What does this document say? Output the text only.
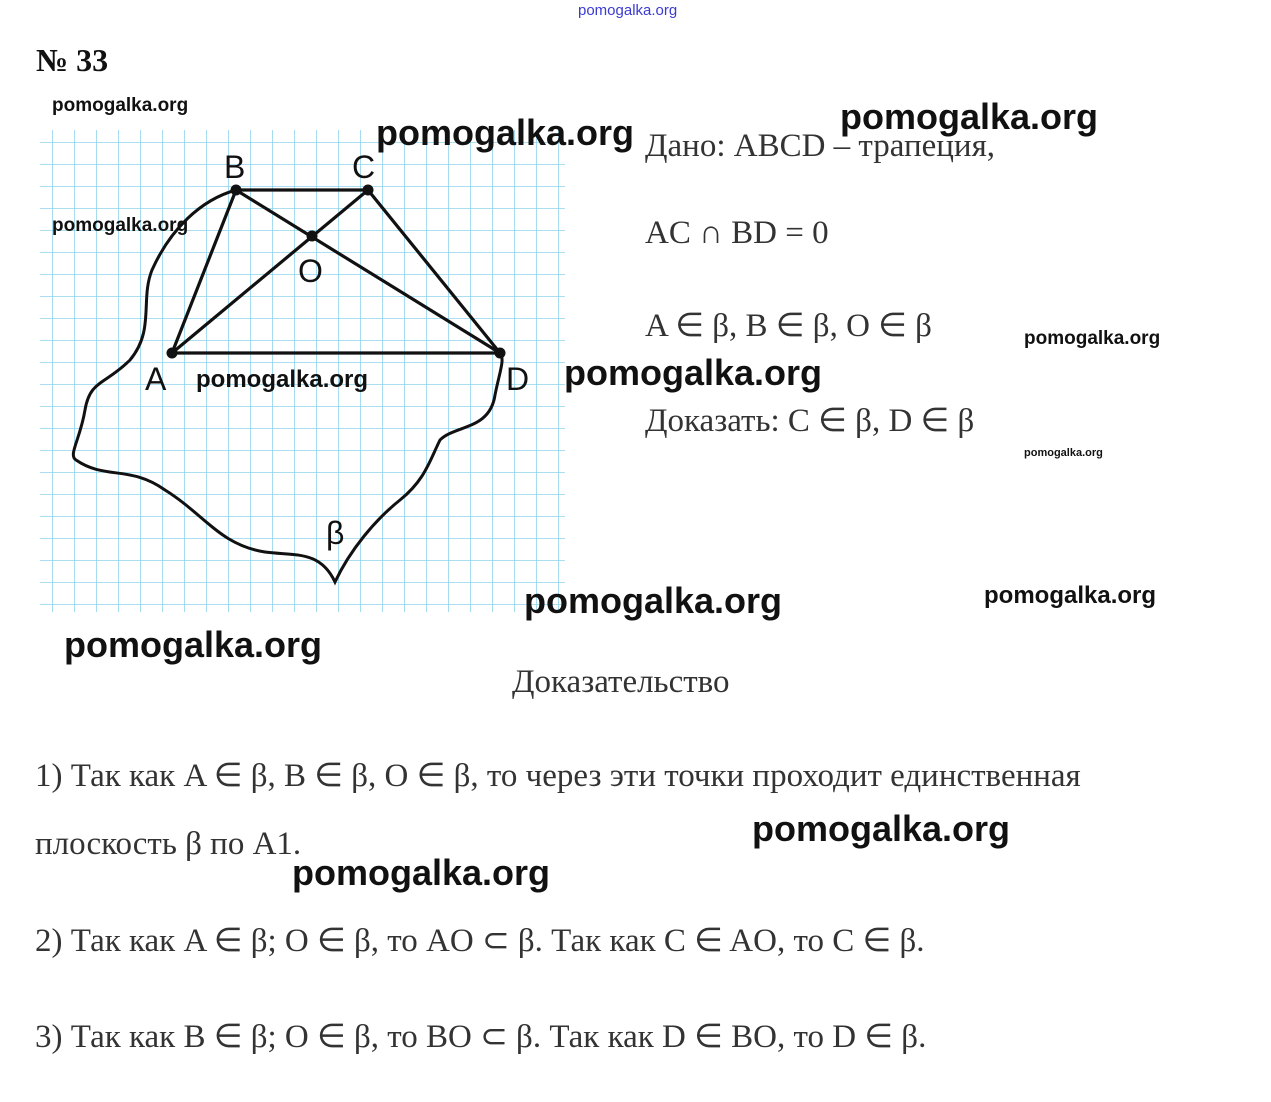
pomogalka.org
№ 33
B	C
O
A	D
β
Дано: ABCD – трапеция,
AC ∩ BD = 0
A ∈ β, B ∈ β, O ∈ β
Доказать: C ∈ β, D ∈ β
Доказательство
1) Так как A ∈ β, B ∈ β, O ∈ β, то через эти точки проходит единственная
плоскость β по A1.
2) Так как A ∈ β; O ∈ β, то AO ⊂ β. Так как C ∈ AO, то C ∈ β.
3) Так как B ∈ β; O ∈ β, то BO ⊂ β. Так как D ∈ BO, то D ∈ β.
pomogalka.org
pomogalka.org	pomogalka.org
pomogalka.org
pomogalka.org
pomogalka.org
pomogalka.org
pomogalka.org
pomogalka.org	pomogalka.org
pomogalka.org
pomogalka.org
pomogalka.org
